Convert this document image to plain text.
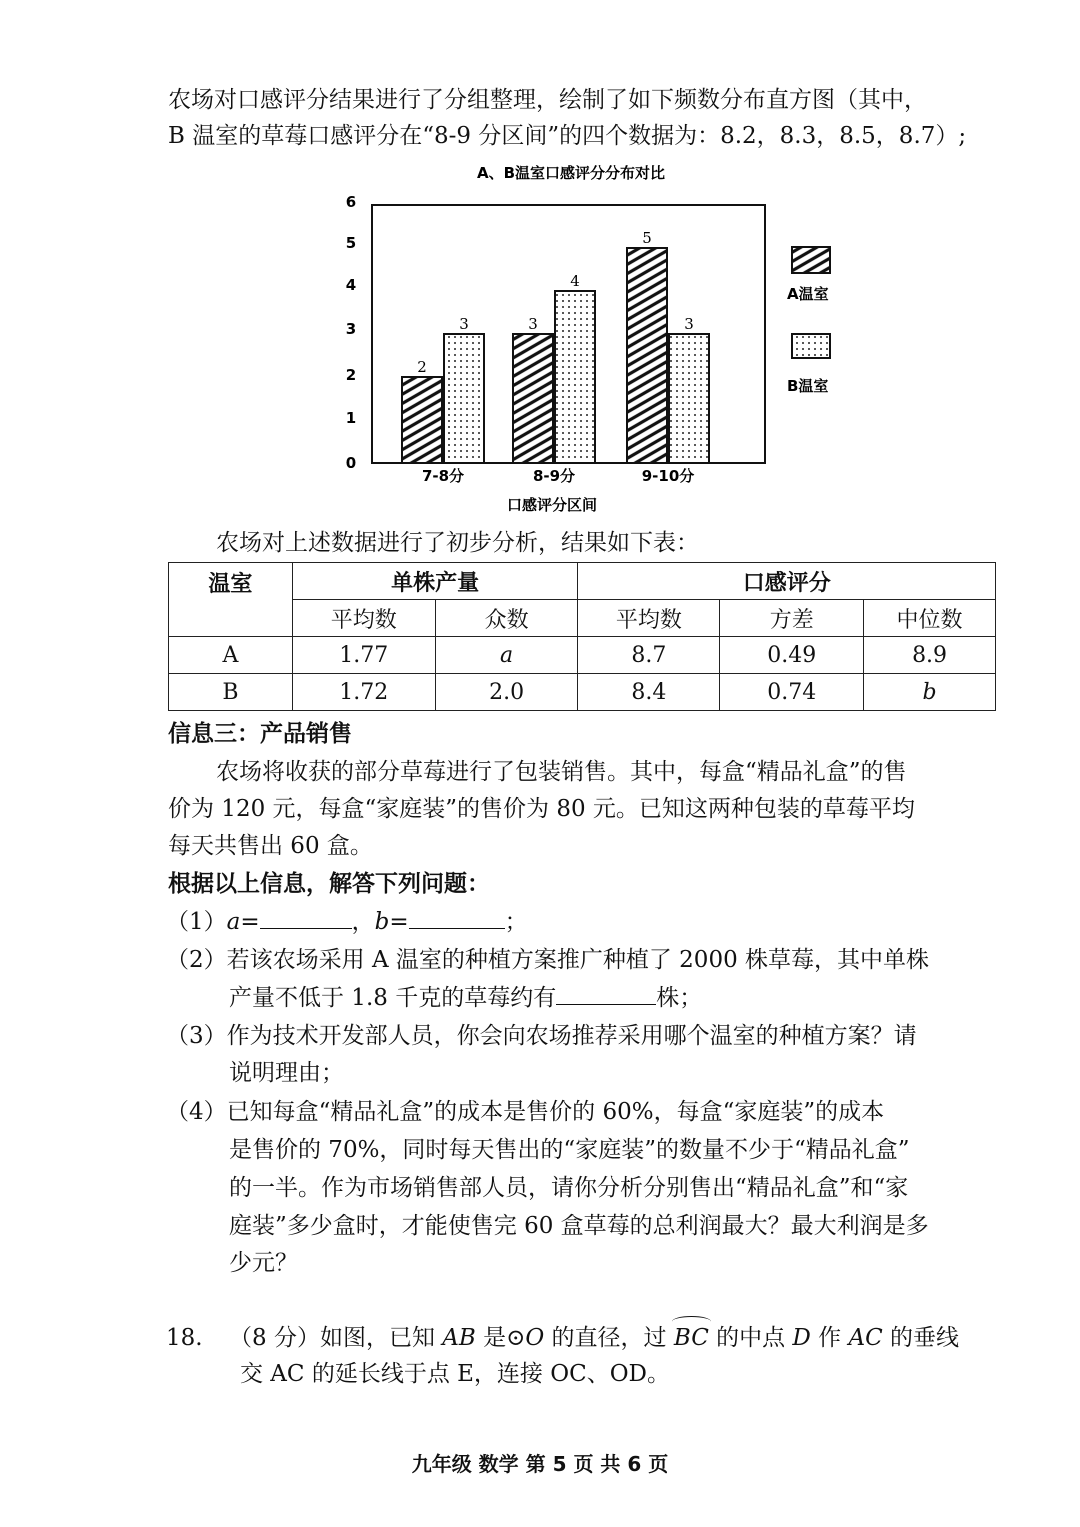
农场对口感评分结果进行了分组整理，绘制了如下频数分布直方图（其中，
B 温室的草莓口感评分在“8-9 分区间”的四个数据为：8.2，8.3，8.5，8.7）;
A、B温室口感评分分布对比
0
1
2
3
4
5
6
2
3	3
4
5
3
7-8分	8-9分	9-10分
口感评分区间
A温室
B温室
农场对上述数据进行了初步分析，结果如下表：
温室	单株产量		口感评分		
	平均数	众数	平均数	方差	中位数
A	1.77	a	8.7	0.49	8.9
B	1.72	2.0	8.4	0.74	b
信息三：产品销售
农场将收获的部分草莓进行了包装销售。其中，每盒“精品礼盒”的售
价为 120 元，每盒“家庭装”的售价为 80 元。已知这两种包装的草莓平均
每天共售出 60 盒。
根据以上信息，解答下列问题：
（1）a=	，b=	；
（2）若该农场采用 A 温室的种植方案推广种植了 2000 株草莓，其中单株
产量不低于 1.8 千克的草莓约有	株；
（3）作为技术开发部人员，你会向农场推荐采用哪个温室的种植方案？请
说明理由；
（4）已知每盒“精品礼盒”的成本是售价的 60%，每盒“家庭装”的成本
是售价的 70%，同时每天售出的“家庭装”的数量不少于“精品礼盒”
的一半。作为市场销售部人员，请你分析分别售出“精品礼盒”和“家
庭装”多少盒时，才能使售完 60 盒草莓的总利润最大？最大利润是多
少元？
18. （8 分）如图，已知 AB 是⊙O 的直径，过 BC 的中点 D 作 AC 的垂线
交 AC 的延长线于点 E，连接 OC、OD。
九年级 数学 第 5 页 共 6 页
